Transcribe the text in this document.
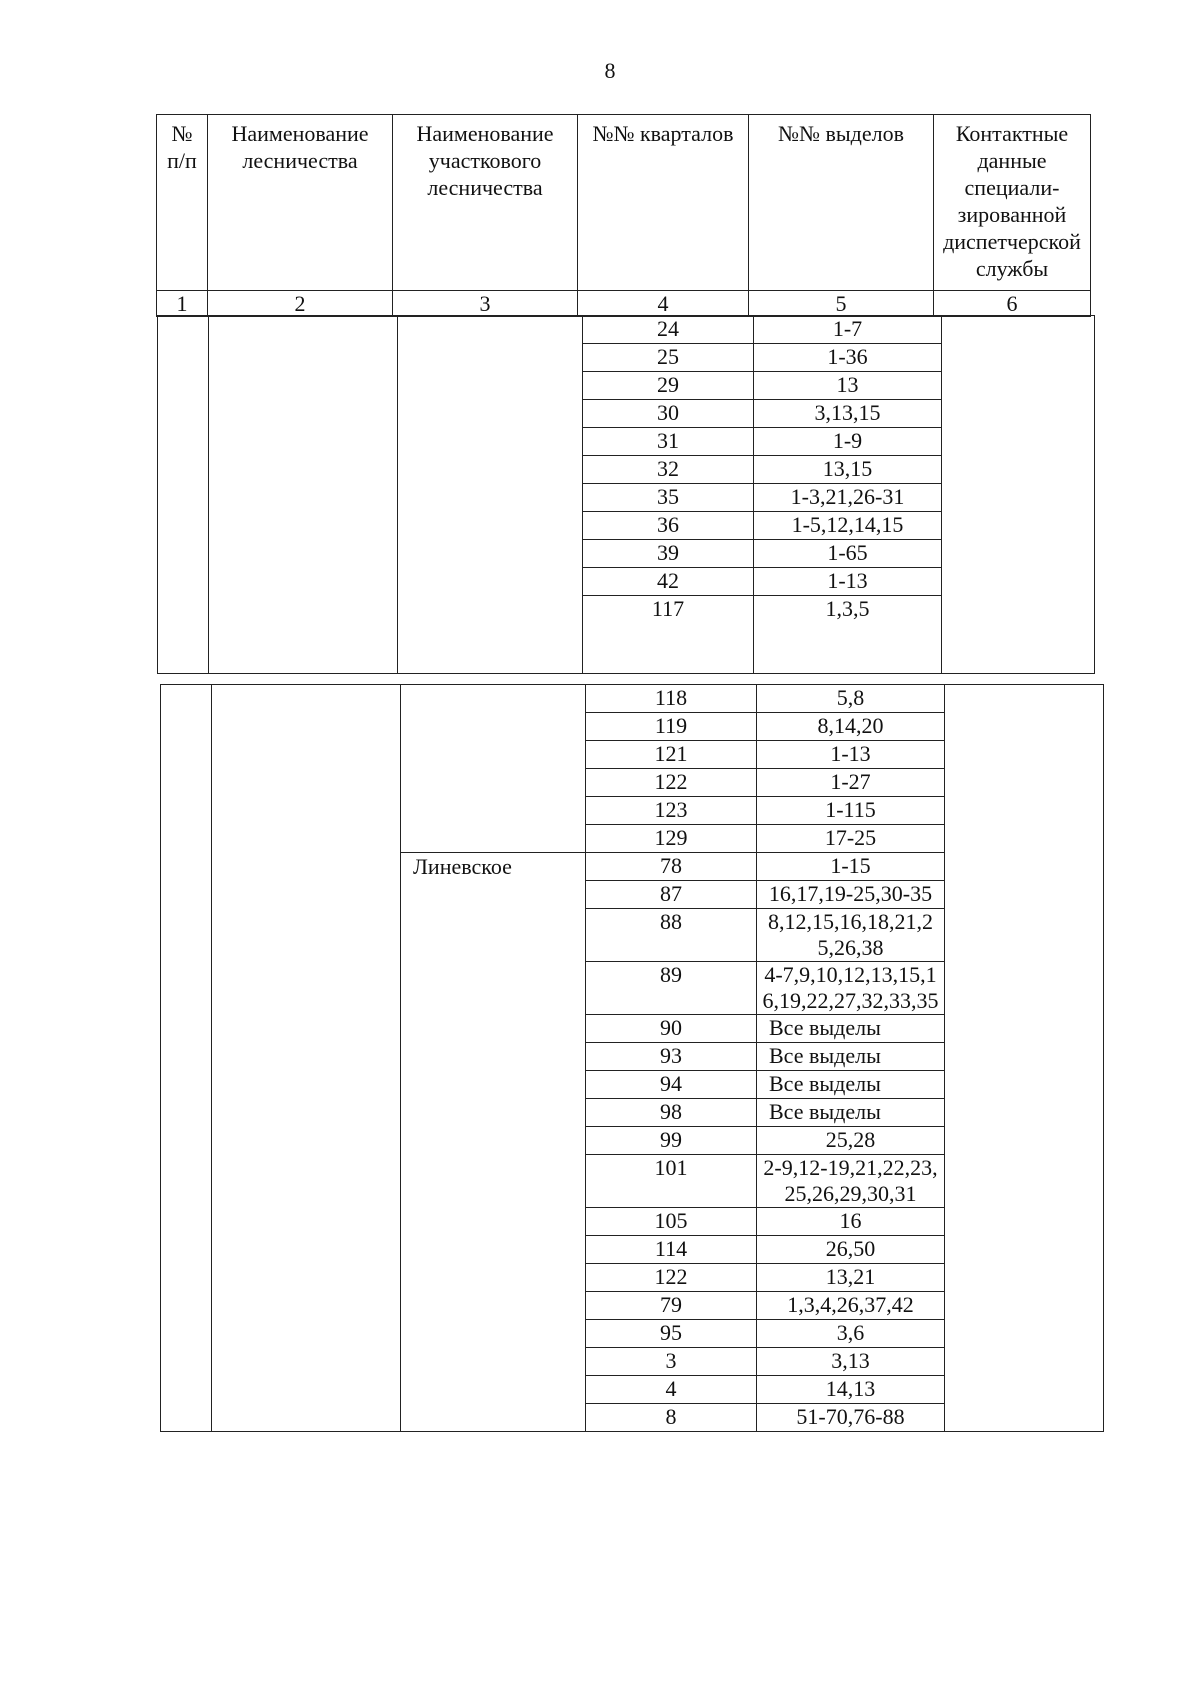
8
№ п/п	Наименование лесничества	Наименование участкового лесничества	№№ кварталов	№№ выделов	Контактные данные специали-зированной диспетчерской службы
1	2	3	4	5	6
			24	1-7	
			25	1-36	
			29	13	
			30	3,13,15	
			31	1-9	
			32	13,15	
			35	1-3,21,26-31	
			36	1-5,12,14,15	
			39	1-65	
			42	1-13	
			117	1,3,5	
			118	5,8	
			119	8,14,20	
			121	1-13	
			122	1-27	
			123	1-115	
			129	17-25	
		Линевское	78	1-15	
			87	16,17,19-25,30-35	
			88	8,12,15,16,18,21,25,26,38	
			89	4-7,9,10,12,13,15,16,19,22,27,32,33,35	
			90	Все выделы	
			93	Все выделы	
			94	Все выделы	
			98	Все выделы	
			99	25,28	
			101	2-9,12-19,21,22,23,25,26,29,30,31	
			105	16	
			114	26,50	
			122	13,21	
			79	1,3,4,26,37,42	
			95	3,6	
			3	3,13	
			4	14,13	
			8	51-70,76-88	
